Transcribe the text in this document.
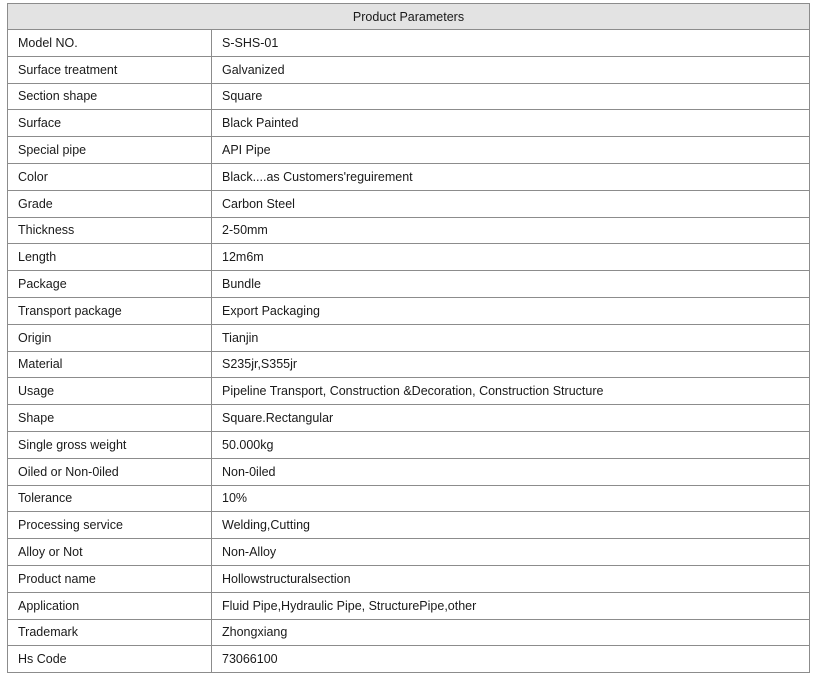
Product Parameters	
Model NO.	S-SHS-01
Surface treatment	Galvanized
Section shape	Square
Surface	Black Painted
Special pipe	API Pipe
Color	Black....as Customers'reguirement
Grade	Carbon Steel
Thickness	2-50mm
Length	12m6m
Package	Bundle
Transport package	Export Packaging
Origin	Tianjin
Material	S235jr,S355jr
Usage	Pipeline Transport, Construction &Decoration, Construction Structure
Shape	Square.Rectangular
Single gross weight	50.000kg
Oiled or Non-0iled	Non-0iled
Tolerance	10%
Processing service	Welding,Cutting
Alloy or Not	Non-Alloy
Product name	Hollowstructuralsection
Application	Fluid Pipe,Hydraulic Pipe, StructurePipe,other
Trademark	Zhongxiang
Hs Code	73066100
